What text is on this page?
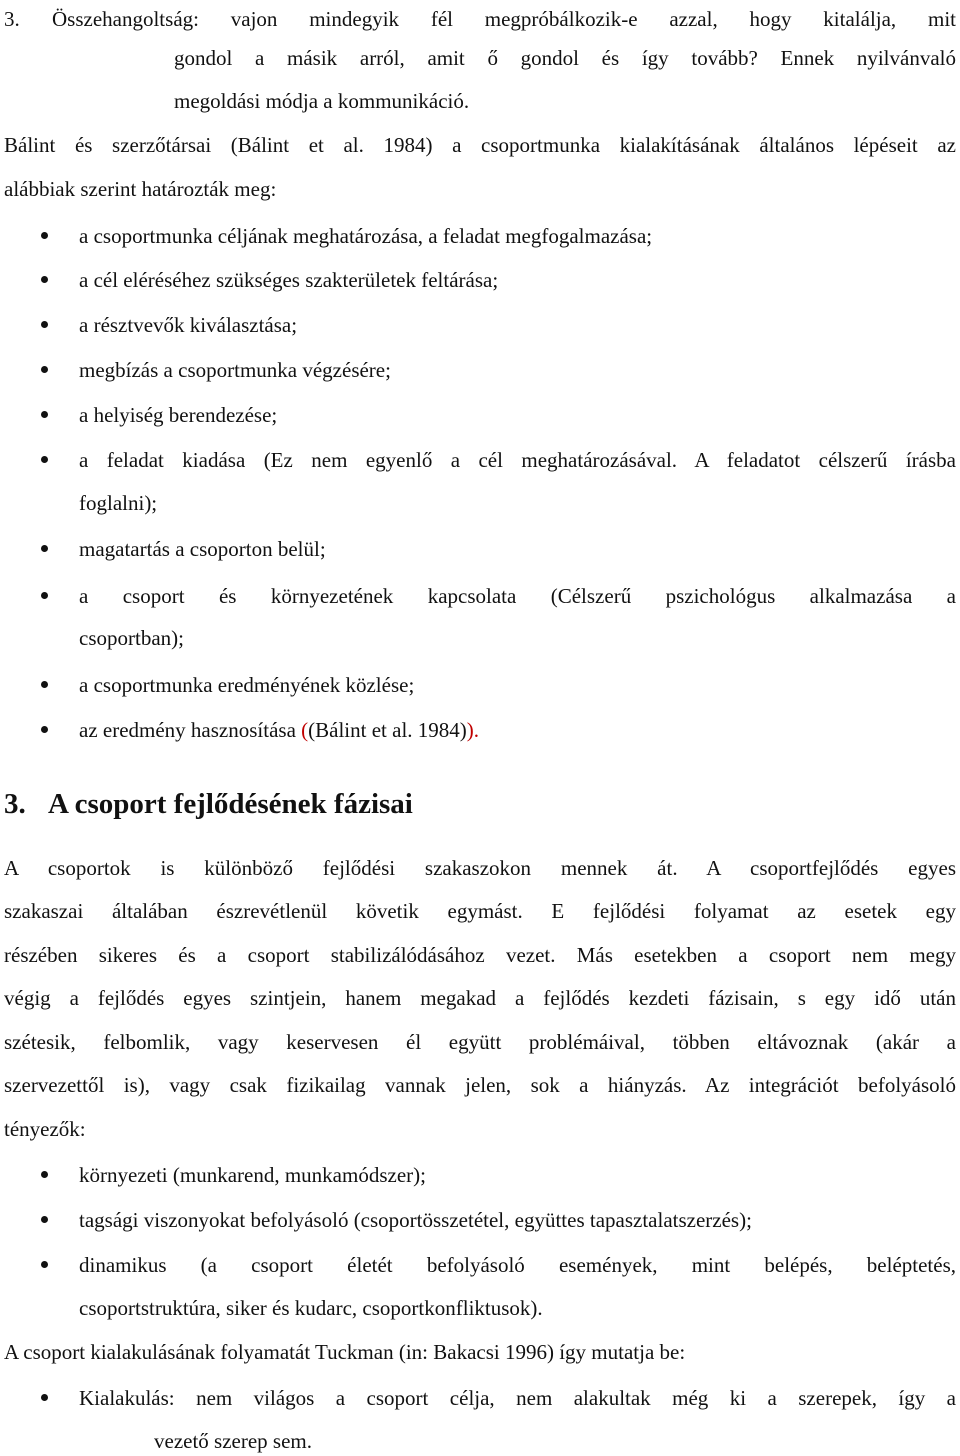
3.	Összehangoltság: vajon mindegyik fél megpróbálkozik-e azzal, hogy kitalálja, mit
gondol a másik arról, amit ő gondol és így tovább? Ennek nyilvánvaló
megoldási módja a kommunikáció.
Bálint és szerzőtársai (Bálint et al. 1984) a csoportmunka kialakításának általános lépéseit az
alábbiak szerint határozták meg:
a csoportmunka céljának meghatározása, a feladat megfogalmazása;
a cél eléréséhez szükséges szakterületek feltárása;
a résztvevők kiválasztása;
megbízás a csoportmunka végzésére;
a helyiség berendezése;
a feladat kiadása (Ez nem egyenlő a cél meghatározásával. A feladatot célszerű írásba
foglalni);
magatartás a csoporton belül;
a csoport és környezetének kapcsolata (Célszerű pszichológus alkalmazása a
csoportban);
a csoportmunka eredményének közlése;
az eredmény hasznosítása ((Bálint et al. 1984)).
3. A csoport fejlődésének fázisai
A csoportok is különböző fejlődési szakaszokon mennek át. A csoportfejlődés egyes
szakaszai általában észrevétlenül követik egymást. E fejlődési folyamat az esetek egy
részében sikeres és a csoport stabilizálódásához vezet. Más esetekben a csoport nem megy
végig a fejlődés egyes szintjein, hanem megakad a fejlődés kezdeti fázisain, s egy idő után
szétesik, felbomlik, vagy keservesen él együtt problémáival, többen eltávoznak (akár a
szervezettől is), vagy csak fizikailag vannak jelen, sok a hiányzás. Az integrációt befolyásoló
tényezők:
környezeti (munkarend, munkamódszer);
tagsági viszonyokat befolyásoló (csoportösszetétel, együttes tapasztalatszerzés);
dinamikus (a csoport életét befolyásoló események, mint belépés, beléptetés,
csoportstruktúra, siker és kudarc, csoportkonfliktusok).
A csoport kialakulásának folyamatát Tuckman (in: Bakacsi 1996) így mutatja be:
Kialakulás: nem világos a csoport célja, nem alakultak még ki a szerepek, így a
vezető szerep sem.
